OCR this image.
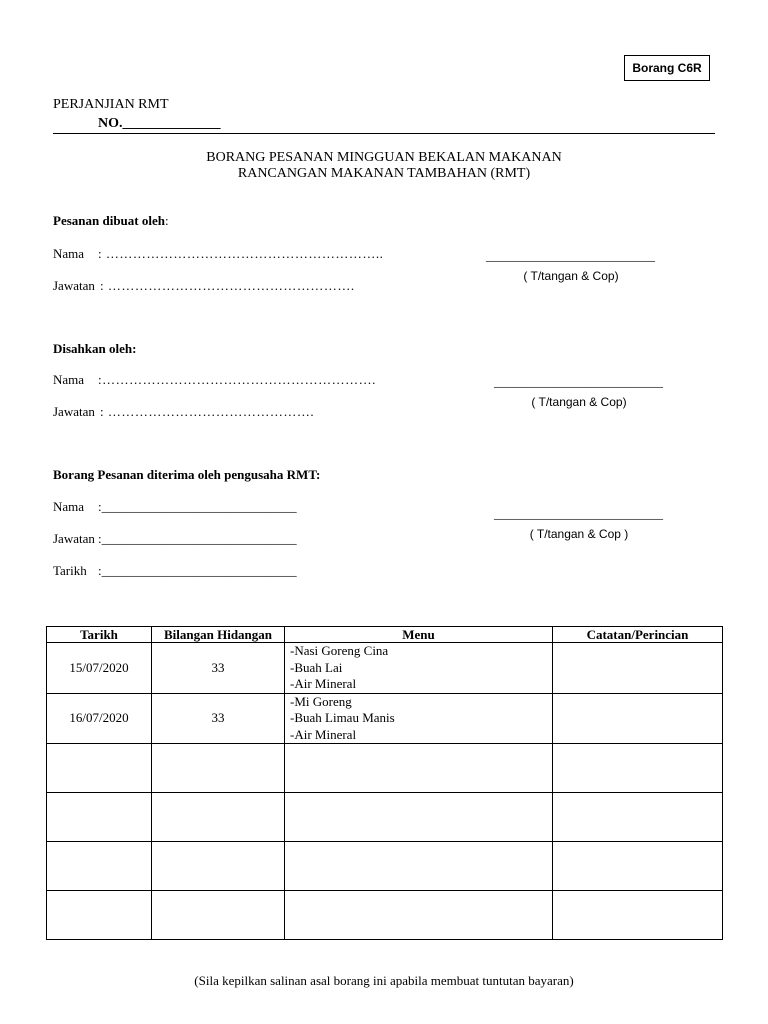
Borang C6R
PERJANJIAN RMT
NO.______________
BORANG PESANAN MINGGUAN BEKALAN MAKANAN
RANCANGAN MAKANAN TAMBAHAN (RMT)
Pesanan dibuat oleh:
Nama : ……………………………………………………..
Jawatan : ……………………………………………….
__________________________
( T/tangan & Cop)
Disahkan oleh:
Nama :…………………………………………………….
Jawatan : ……………………………………….
__________________________
( T/tangan & Cop)
Borang Pesanan diterima oleh pengusaha RMT:
Nama :______________________________
Jawatan :______________________________
Tarikh :______________________________
__________________________
( T/tangan & Cop )
Tarikh	Bilangan Hidangan	Menu	Catatan/Perincian
15/07/2020	33	-Nasi Goreng Cina
-Buah Lai
-Air Mineral	

16/07/2020	33	-Mi Goreng
-Buah Limau Manis
-Air Mineral	

(Sila kepilkan salinan asal borang ini apabila membuat tuntutan bayaran)
